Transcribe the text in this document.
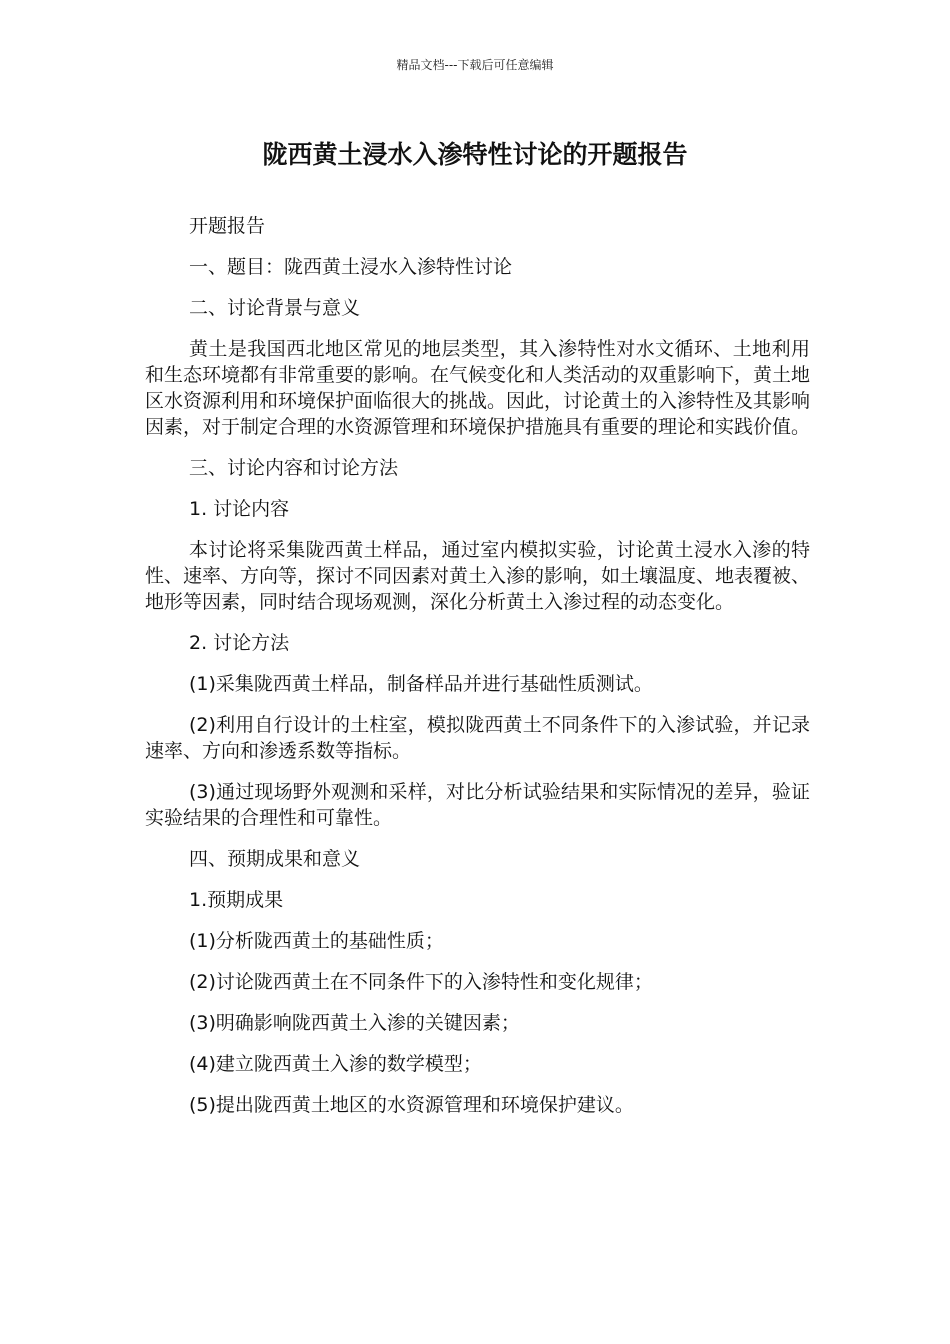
精品文档---下载后可任意编辑
陇西黄土浸水入渗特性讨论的开题报告

开题报告

一、题目：陇西黄土浸水入渗特性讨论

二、讨论背景与意义

黄土是我国西北地区常见的地层类型，其入渗特性对水文循环、土地利用和生态环境都有非常重要的影响。在气候变化和人类活动的双重影响下，黄土地区水资源利用和环境保护面临很大的挑战。因此，讨论黄土的入渗特性及其影响因素，对于制定合理的水资源管理和环境保护措施具有重要的理论和实践价值。

三、讨论内容和讨论方法

1. 讨论内容

本讨论将采集陇西黄土样品，通过室内模拟实验，讨论黄土浸水入渗的特性、速率、方向等，探讨不同因素对黄土入渗的影响，如土壤温度、地表覆被、地形等因素，同时结合现场观测，深化分析黄土入渗过程的动态变化。

2. 讨论方法

(1)采集陇西黄土样品，制备样品并进行基础性质测试。

(2)利用自行设计的土柱室，模拟陇西黄土不同条件下的入渗试验，并记录速率、方向和渗透系数等指标。

(3)通过现场野外观测和采样，对比分析试验结果和实际情况的差异，验证实验结果的合理性和可靠性。

四、预期成果和意义

1.预期成果

(1)分析陇西黄土的基础性质；

(2)讨论陇西黄土在不同条件下的入渗特性和变化规律；

(3)明确影响陇西黄土入渗的关键因素；

(4)建立陇西黄土入渗的数学模型；

(5)提出陇西黄土地区的水资源管理和环境保护建议。
